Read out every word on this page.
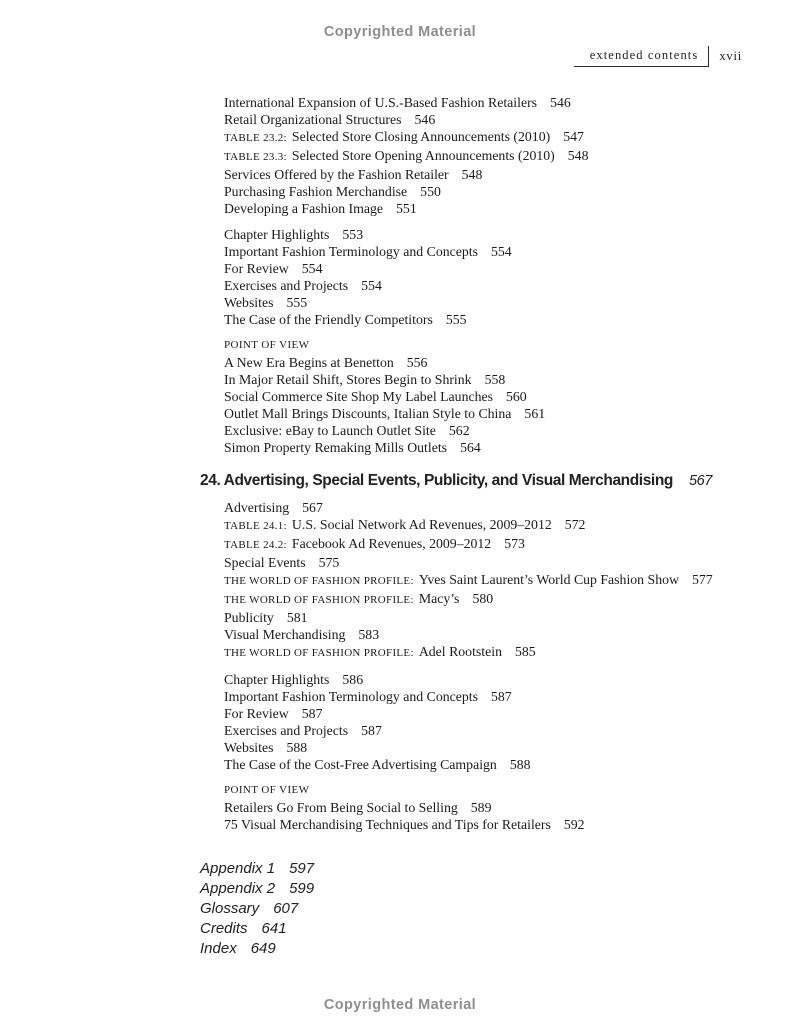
Copyrighted Material
extended contents	xvii
International Expansion of U.S.-Based Fashion Retailers 546
Retail Organizational Structures 546
TABLE 23.2: Selected Store Closing Announcements (2010) 547
TABLE 23.3: Selected Store Opening Announcements (2010) 548
Services Offered by the Fashion Retailer 548
Purchasing Fashion Merchandise 550
Developing a Fashion Image 551
Chapter Highlights 553
Important Fashion Terminology and Concepts 554
For Review 554
Exercises and Projects 554
Websites 555
The Case of the Friendly Competitors 555
POINT OF VIEW
A New Era Begins at Benetton 556
In Major Retail Shift, Stores Begin to Shrink 558
Social Commerce Site Shop My Label Launches 560
Outlet Mall Brings Discounts, Italian Style to China 561
Exclusive: eBay to Launch Outlet Site 562
Simon Property Remaking Mills Outlets 564
24. Advertising, Special Events, Publicity, and Visual Merchandising 567
Advertising 567
TABLE 24.1: U.S. Social Network Ad Revenues, 2009–2012 572
TABLE 24.2: Facebook Ad Revenues, 2009–2012 573
Special Events 575
THE WORLD OF FASHION PROFILE: Yves Saint Laurent’s World Cup Fashion Show 577
THE WORLD OF FASHION PROFILE: Macy’s 580
Publicity 581
Visual Merchandising 583
THE WORLD OF FASHION PROFILE: Adel Rootstein 585
Chapter Highlights 586
Important Fashion Terminology and Concepts 587
For Review 587
Exercises and Projects 587
Websites 588
The Case of the Cost-Free Advertising Campaign 588
POINT OF VIEW
Retailers Go From Being Social to Selling 589
75 Visual Merchandising Techniques and Tips for Retailers 592
Appendix 1 597
Appendix 2 599
Glossary 607
Credits 641
Index 649
Copyrighted Material
